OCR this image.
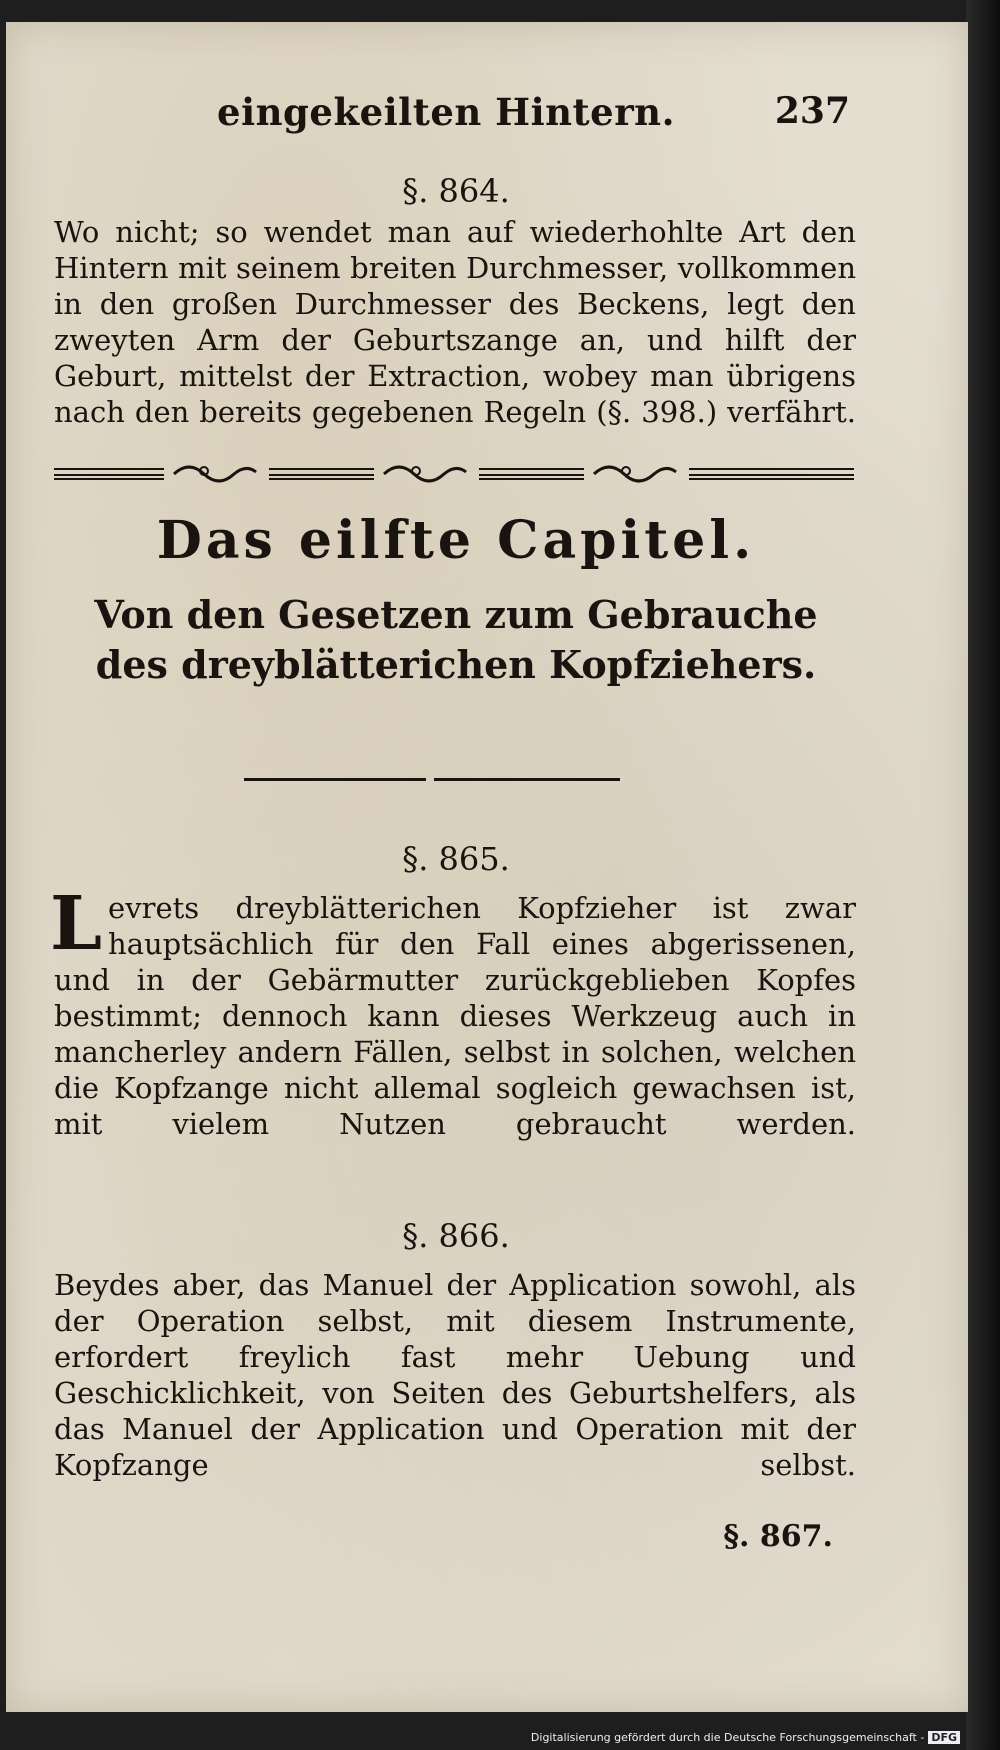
eingekeilten Hintern.	237
§. 864.
Wo nicht; so wendet man auf wiederhohlte Art den Hintern mit seinem breiten Durchmesser, vollkommen in den großen Durchmesser des Beckens, legt den zweyten Arm der Geburtszange an, und hilft der Geburt, mittelst der Extraction, wobey man übrigens nach den bereits gegebenen Regeln (§. 398.) verfährt.
Das eilfte Capitel.
Von den Gesetzen zum Gebrauche des dreyblätterichen Kopfziehers.
§. 865.
Levrets dreyblätterichen Kopfzieher ist zwar hauptsächlich für den Fall eines abgerissenen, und in der Gebärmutter zurückgeblieben Kopfes bestimmt; dennoch kann dieses Werkzeug auch in mancherley andern Fällen, selbst in solchen, welchen die Kopfzange nicht allemal sogleich gewachsen ist, mit vielem Nutzen gebraucht werden.
§. 866.
Beydes aber, das Manuel der Application sowohl, als der Operation selbst, mit diesem Instrumente, erfordert freylich fast mehr Uebung und Geschicklichkeit, von Seiten des Geburtshelfers, als das Manuel der Application und Operation mit der Kopfzange selbst.
§. 867.
Digitalisierung gefördert durch die Deutsche Forschungsgemeinschaft - DFG
